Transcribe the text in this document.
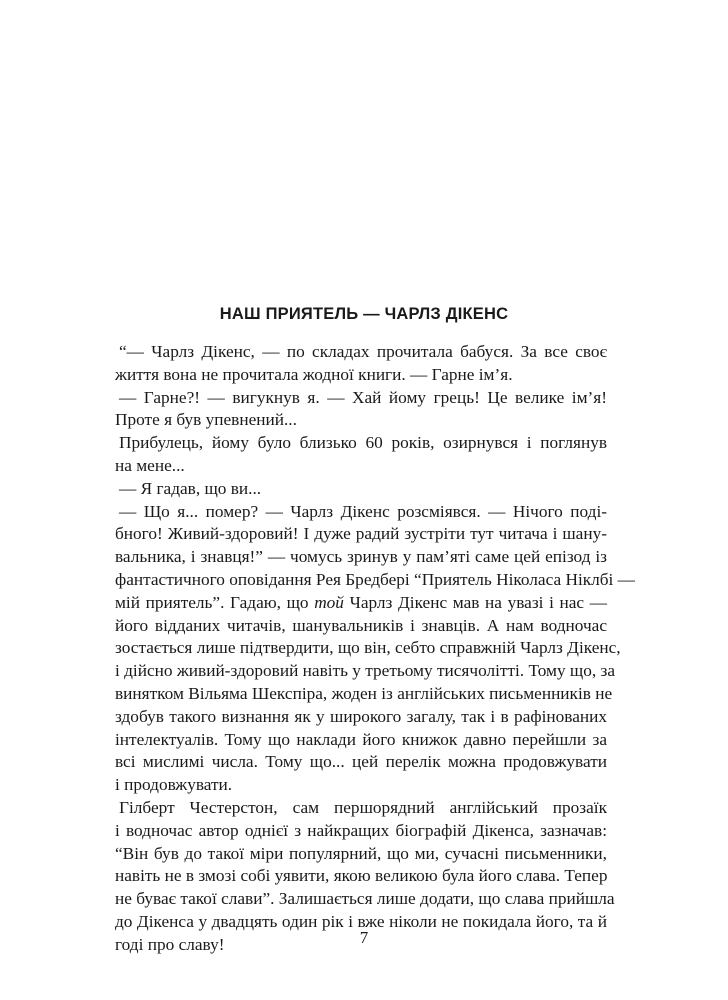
НАШ ПРИЯТЕЛЬ — ЧАРЛЗ ДІКЕНС
“— Чарлз Дікенс, — по складах прочитала бабуся. За все своє
життя вона не прочитала жодної книги. — Гарне ім’я.
— Гарне?! — вигукнув я. — Хай йому грець! Це велике ім’я!
Проте я був упевнений...
Прибулець, йому було близько 60 років, озирнувся і поглянув
на мене...
— Я гадав, що ви...
— Що я... помер? — Чарлз Дікенс розсміявся. — Нічого поді-
бного! Живий-здоровий! І дуже радий зустріти тут читача і шану-
вальника, і знавця!” — чомусь зринув у пам’яті саме цей епізод із
фантастичного оповідання Рея Бредбері “Приятель Ніколаса Ніклбі —
мій приятель”. Гадаю, що той Чарлз Дікенс мав на увазі і нас —
його відданих читачів, шанувальників і знавців. А нам водночас
зостається лише підтвердити, що він, себто справжній Чарлз Дікенс,
і дійсно живий-здоровий навіть у третьому тисячолітті. Тому що, за
винятком Вільяма Шекспіра, жоден із англійських письменників не
здобув такого визнання як у широкого загалу, так і в рафінованих
інтелектуалів. Тому що наклади його книжок давно перейшли за
всі мислимі числа. Тому що... цей перелік можна продовжувати
і продовжувати.
Гілберт Честерстон, сам першорядний англійський прозаїк
і водночас автор однієї з найкращих біографій Дікенса, зазначав:
“Він був до такої міри популярний, що ми, сучасні письменники,
навіть не в змозі собі уявити, якою великою була його слава. Тепер
не буває такої слави”. Залишається лише додати, що слава прийшла
до Дікенса у двадцять один рік і вже ніколи не покидала його, та й
годі про славу!	7
